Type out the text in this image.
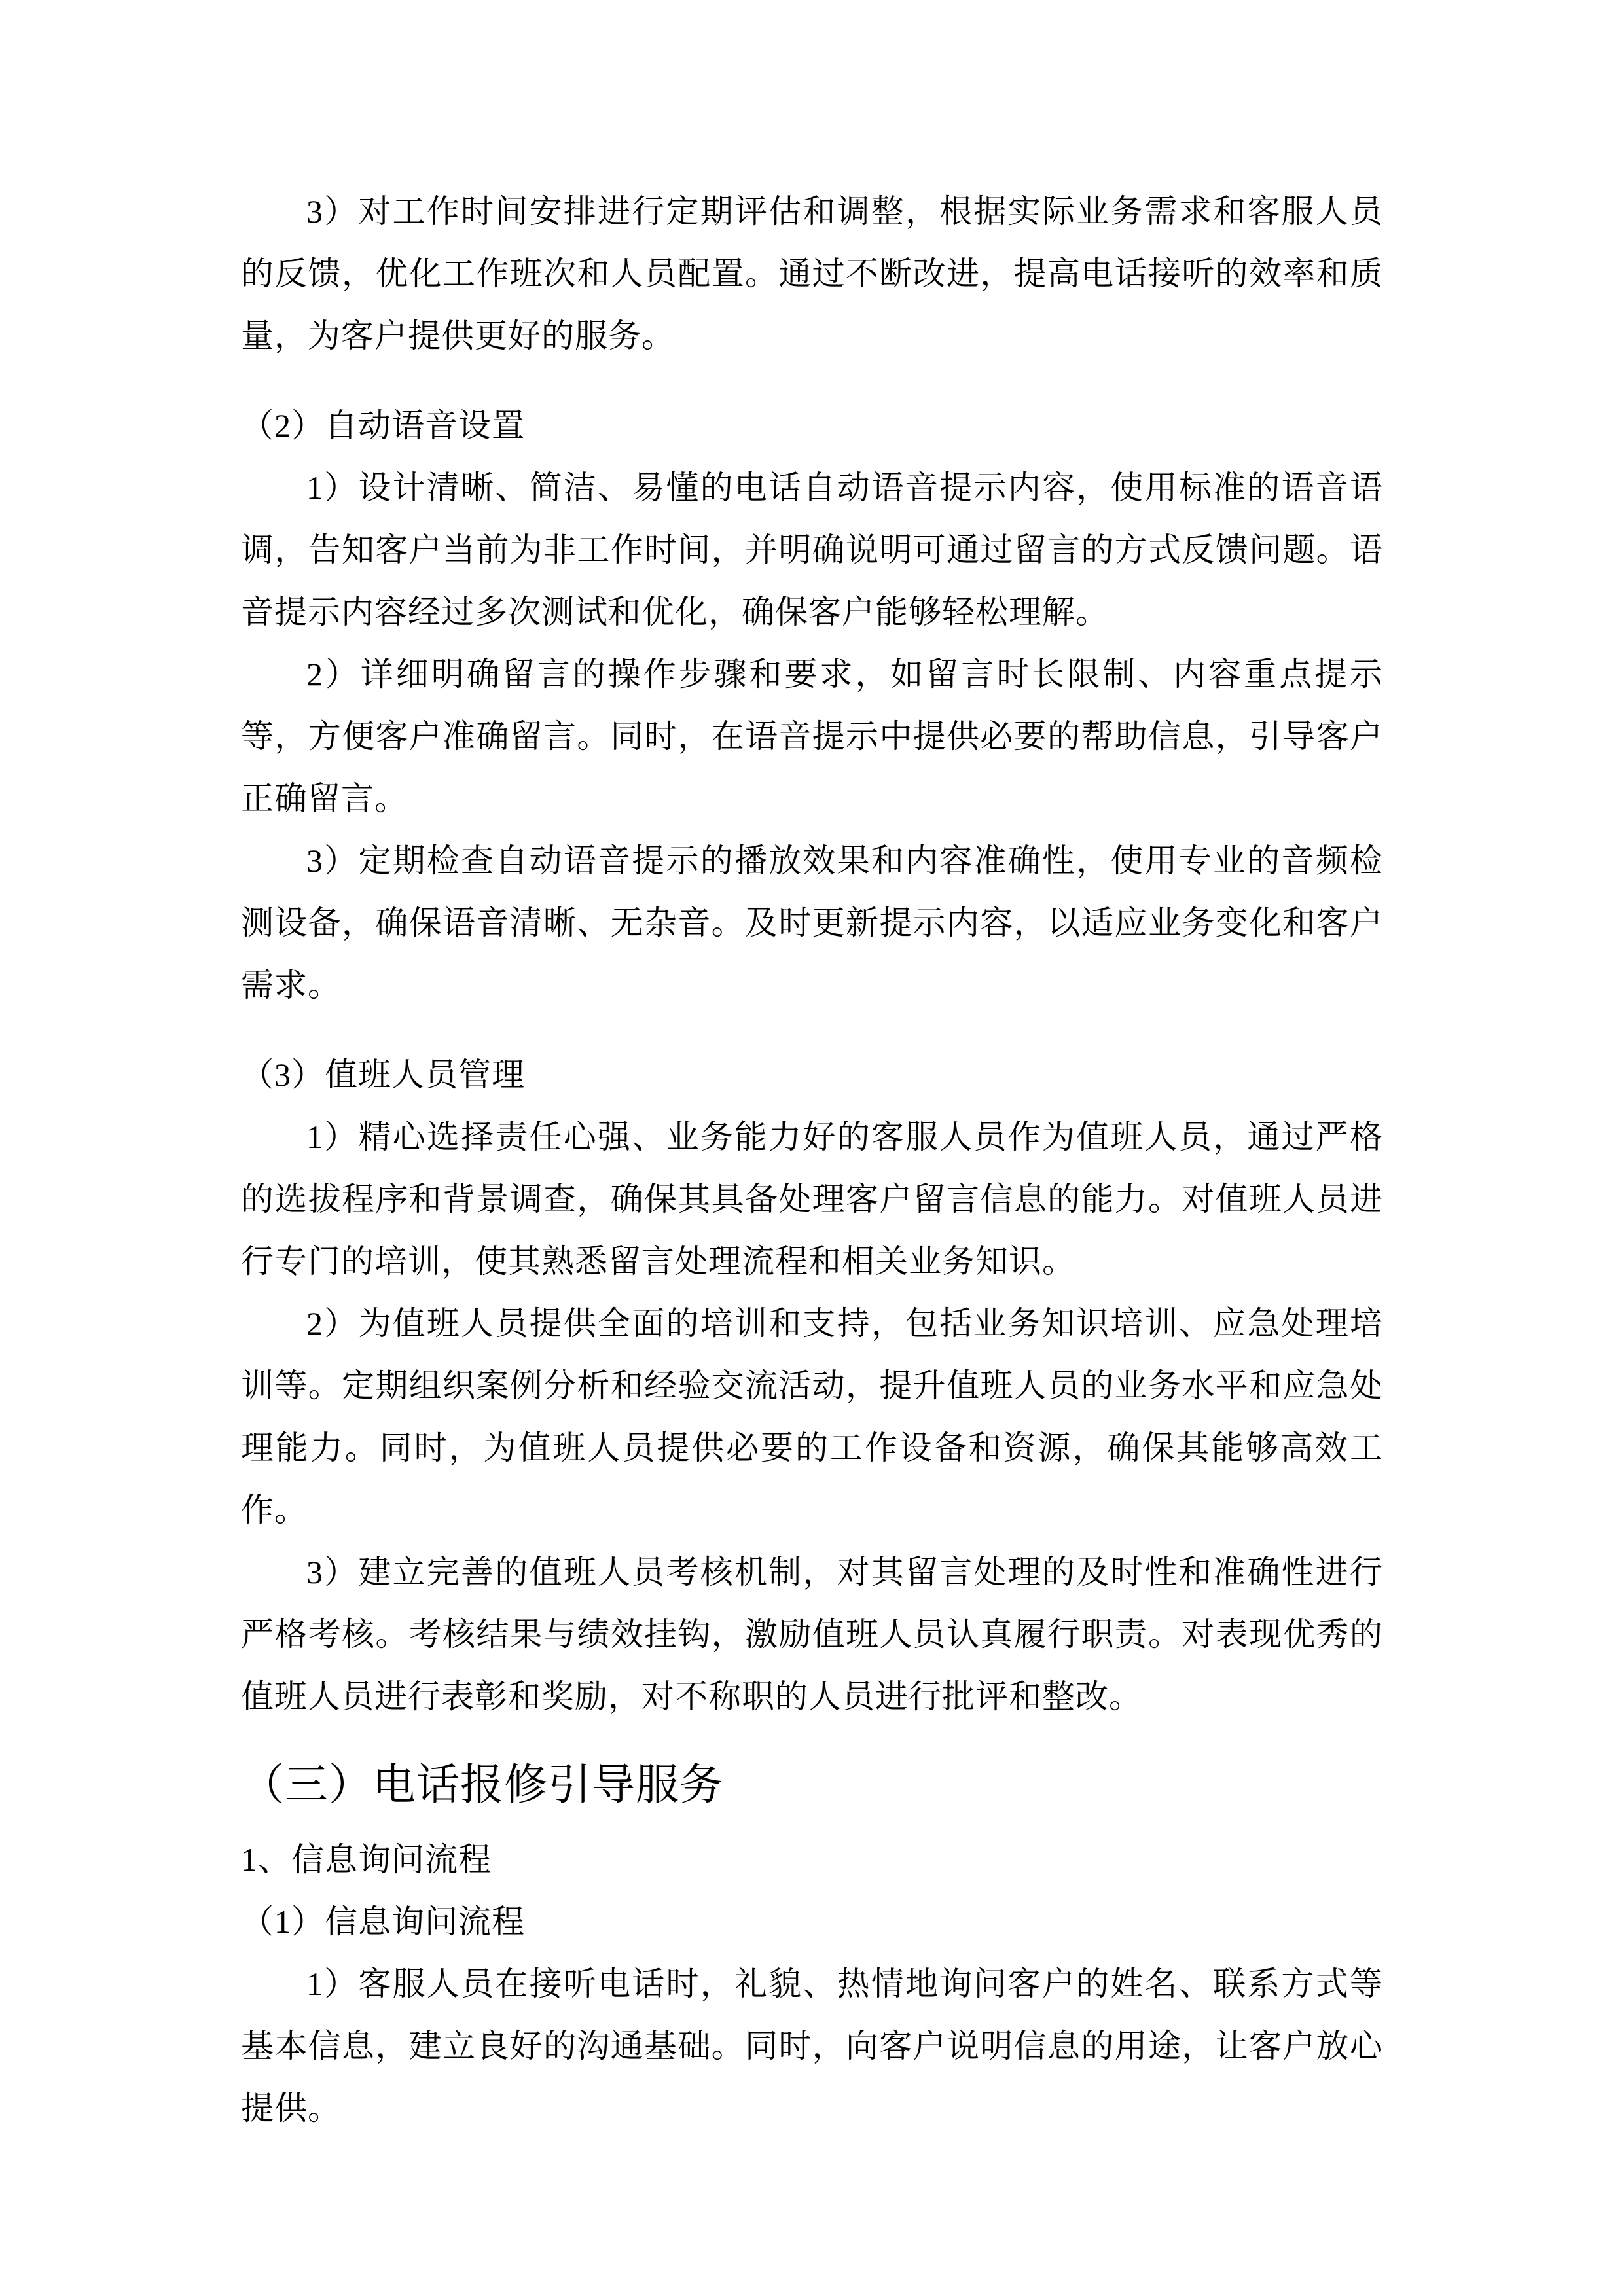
3）对工作时间安排进行定期评估和调整，根据实际业务需求和客服人员的反馈，优化工作班次和人员配置。通过不断改进，提高电话接听的效率和质量，为客户提供更好的服务。

（2）自动语音设置

1）设计清晰、简洁、易懂的电话自动语音提示内容，使用标准的语音语调，告知客户当前为非工作时间，并明确说明可通过留言的方式反馈问题。语音提示内容经过多次测试和优化，确保客户能够轻松理解。

2）详细明确留言的操作步骤和要求，如留言时长限制、内容重点提示等，方便客户准确留言。同时，在语音提示中提供必要的帮助信息，引导客户正确留言。

3）定期检查自动语音提示的播放效果和内容准确性，使用专业的音频检测设备，确保语音清晰、无杂音。及时更新提示内容，以适应业务变化和客户需求。

（3）值班人员管理

1）精心选择责任心强、业务能力好的客服人员作为值班人员，通过严格的选拔程序和背景调查，确保其具备处理客户留言信息的能力。对值班人员进行专门的培训，使其熟悉留言处理流程和相关业务知识。

2）为值班人员提供全面的培训和支持，包括业务知识培训、应急处理培训等。定期组织案例分析和经验交流活动，提升值班人员的业务水平和应急处理能力。同时，为值班人员提供必要的工作设备和资源，确保其能够高效工作。

3）建立完善的值班人员考核机制，对其留言处理的及时性和准确性进行严格考核。考核结果与绩效挂钩，激励值班人员认真履行职责。对表现优秀的值班人员进行表彰和奖励，对不称职的人员进行批评和整改。

（三）电话报修引导服务

1、信息询问流程

（1）信息询问流程

1）客服人员在接听电话时，礼貌、热情地询问客户的姓名、联系方式等基本信息，建立良好的沟通基础。同时，向客户说明信息的用途，让客户放心提供。
